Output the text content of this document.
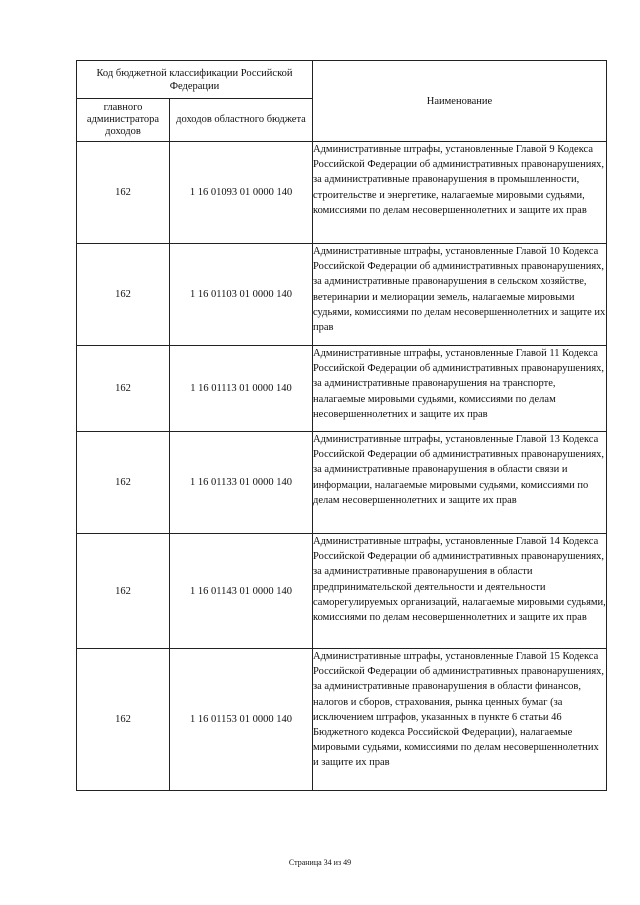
Код бюджетной классификации Российской Федерации		Наименование
главного администратора доходов	доходов областного бюджета	
162	1 16 01093 01 0000 140	Административные штрафы, установленные Главой 9 Кодекса Российской Федерации об административных правонарушениях, за административные правонарушения в промышленности, строительстве и энергетике, налагаемые мировыми судьями, комиссиями по делам несовершеннолетних и защите их прав
162	1 16 01103 01 0000 140	Административные штрафы, установленные Главой 10 Кодекса Российской Федерации об административных правонарушениях, за административные правонарушения в сельском хозяйстве, ветеринарии и мелиорации земель, налагаемые мировыми судьями, комиссиями по делам несовершеннолетних и защите их прав
162	1 16 01113 01 0000 140	Административные штрафы, установленные Главой 11 Кодекса Российской Федерации об административных правонарушениях, за административные правонарушения на транспорте, налагаемые мировыми судьями, комиссиями по делам несовершеннолетних и защите их прав
162	1 16 01133 01 0000 140	Административные штрафы, установленные Главой 13 Кодекса Российской Федерации об административных правонарушениях, за административные правонарушения в области связи и информации, налагаемые мировыми судьями, комиссиями по делам несовершеннолетних и защите их прав
162	1 16 01143 01 0000 140	Административные штрафы, установленные Главой 14 Кодекса Российской Федерации об административных правонарушениях, за административные правонарушения в области предпринимательской деятельности и деятельности саморегулируемых организаций, налагаемые мировыми судьями, комиссиями по делам несовершеннолетних и защите их прав
162	1 16 01153 01 0000 140	Административные штрафы, установленные Главой 15 Кодекса Российской Федерации об административных правонарушениях, за административные правонарушения в области финансов, налогов и сборов, страхования, рынка ценных бумаг (за исключением штрафов, указанных в пункте 6 статьи 46 Бюджетного кодекса Российской Федерации), налагаемые мировыми судьями, комиссиями по делам несовершеннолетних и защите их прав
Страница 34 из 49
